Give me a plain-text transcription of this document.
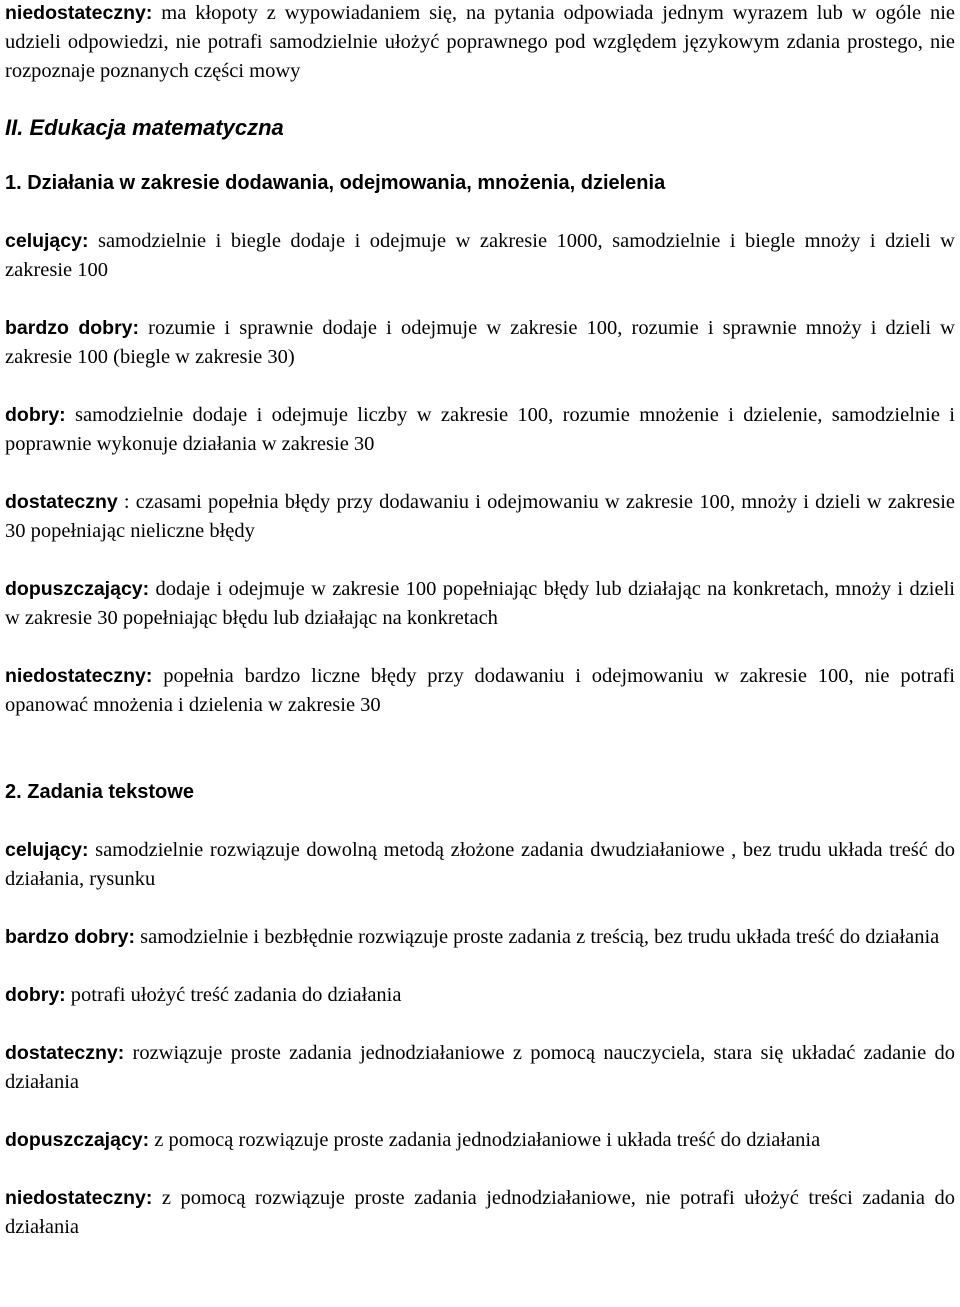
niedostateczny: ma kłopoty z wypowiadaniem się, na pytania odpowiada jednym wyrazem lub w ogóle nie udzieli odpowiedzi, nie potrafi samodzielnie ułożyć poprawnego pod względem językowym zdania prostego, nie rozpoznaje poznanych części mowy

II. Edukacja matematyczna

1. Działania w zakresie dodawania, odejmowania, mnożenia, dzielenia

celujący: samodzielnie i biegle dodaje i odejmuje w zakresie 1000, samodzielnie i biegle mnoży i dzieli w zakresie 100

bardzo dobry: rozumie i sprawnie dodaje i odejmuje w zakresie 100, rozumie i sprawnie mnoży i dzieli w zakresie 100 (biegle w zakresie 30)

dobry: samodzielnie dodaje i odejmuje liczby w zakresie 100, rozumie mnożenie i dzielenie, samodzielnie i poprawnie wykonuje działania w zakresie 30

dostateczny : czasami popełnia błędy przy dodawaniu i odejmowaniu w zakresie 100, mnoży i dzieli w zakresie 30 popełniając nieliczne błędy

dopuszczający: dodaje i odejmuje w zakresie 100 popełniając błędy lub działając na konkretach, mnoży i dzieli w zakresie 30 popełniając błędu lub działając na konkretach

niedostateczny: popełnia bardzo liczne błędy przy dodawaniu i odejmowaniu w zakresie 100, nie potrafi opanować mnożenia i dzielenia w zakresie 30

2. Zadania tekstowe

celujący: samodzielnie rozwiązuje dowolną metodą złożone zadania dwudziałaniowe , bez trudu układa treść do działania, rysunku

bardzo dobry: samodzielnie i bezbłędnie rozwiązuje proste zadania z treścią, bez trudu układa treść do działania

dobry: potrafi ułożyć treść zadania do działania

dostateczny: rozwiązuje proste zadania jednodziałaniowe z pomocą nauczyciela, stara się układać zadanie do działania

dopuszczający: z pomocą rozwiązuje proste zadania jednodziałaniowe i układa treść do działania

niedostateczny: z pomocą rozwiązuje proste zadania jednodziałaniowe, nie potrafi ułożyć treści zadania do działania
